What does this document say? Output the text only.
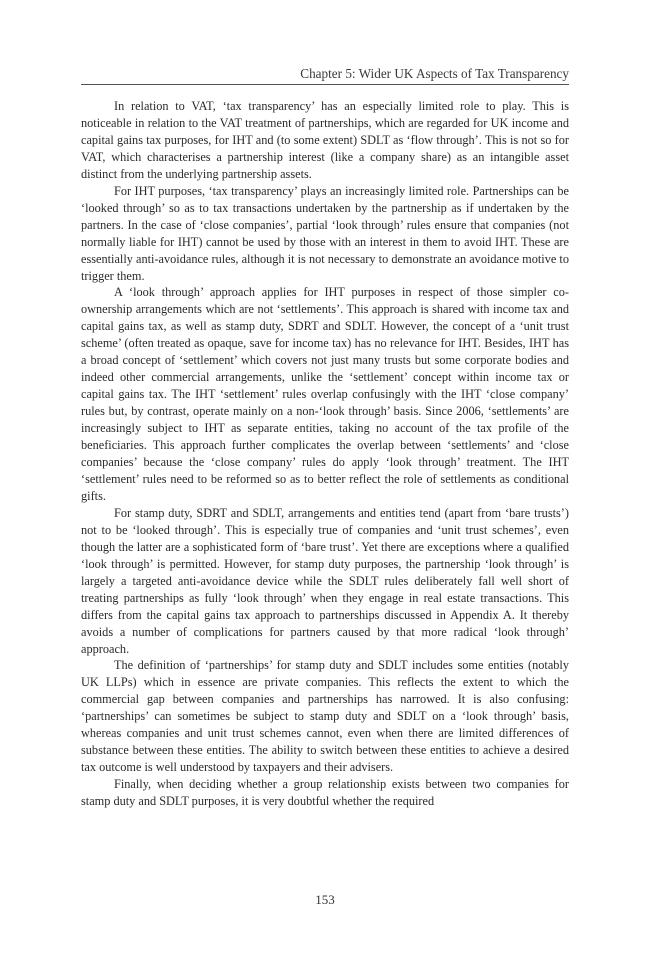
Chapter 5: Wider UK Aspects of Tax Transparency

In relation to VAT, ‘tax transparency’ has an especially limited role to play. This is noticeable in relation to the VAT treatment of partnerships, which are regarded for UK income and capital gains tax purposes, for IHT and (to some extent) SDLT as ‘flow through’. This is not so for VAT, which characterises a partnership interest (like a company share) as an intangible asset distinct from the underlying partnership assets.

For IHT purposes, ‘tax transparency’ plays an increasingly limited role. Partnerships can be ‘looked through’ so as to tax transactions undertaken by the partnership as if undertaken by the partners. In the case of ‘close companies’, partial ‘look through’ rules ensure that companies (not normally liable for IHT) cannot be used by those with an interest in them to avoid IHT. These are essentially anti-avoidance rules, although it is not necessary to demonstrate an avoidance motive to trigger them.

A ‘look through’ approach applies for IHT purposes in respect of those simpler co-ownership arrangements which are not ‘settlements’. This approach is shared with income tax and capital gains tax, as well as stamp duty, SDRT and SDLT. However, the concept of a ‘unit trust scheme’ (often treated as opaque, save for income tax) has no relevance for IHT. Besides, IHT has a broad concept of ‘settlement’ which covers not just many trusts but some corporate bodies and indeed other commercial arrangements, unlike the ‘settlement’ concept within income tax or capital gains tax. The IHT ‘settlement’ rules overlap confusingly with the IHT ‘close company’ rules but, by contrast, operate mainly on a non-‘look through’ basis. Since 2006, ‘settlements’ are increasingly subject to IHT as separate entities, taking no account of the tax profile of the beneficiaries. This approach further complicates the overlap between ‘settlements’ and ‘close companies’ because the ‘close company’ rules do apply ‘look through’ treatment. The IHT ‘settlement’ rules need to be reformed so as to better reflect the role of settlements as conditional gifts.

For stamp duty, SDRT and SDLT, arrangements and entities tend (apart from ‘bare trusts’) not to be ‘looked through’. This is especially true of companies and ‘unit trust schemes’, even though the latter are a sophisticated form of ‘bare trust’. Yet there are exceptions where a qualified ‘look through’ is permitted. However, for stamp duty purposes, the partnership ‘look through’ is largely a targeted anti-avoidance device while the SDLT rules deliberately fall well short of treating partnerships as fully ‘look through’ when they engage in real estate transactions. This differs from the capital gains tax approach to partnerships discussed in Appendix A. It thereby avoids a number of complications for partners caused by that more radical ‘look through’ approach.

The definition of ‘partnerships’ for stamp duty and SDLT includes some entities (notably UK LLPs) which in essence are private companies. This reflects the extent to which the commercial gap between companies and partnerships has narrowed. It is also confusing: ‘partnerships’ can sometimes be subject to stamp duty and SDLT on a ‘look through’ basis, whereas companies and unit trust schemes cannot, even when there are limited differences of substance between these entities. The ability to switch between these entities to achieve a desired tax outcome is well understood by taxpayers and their advisers.

Finally, when deciding whether a group relationship exists between two companies for stamp duty and SDLT purposes, it is very doubtful whether the required

153
